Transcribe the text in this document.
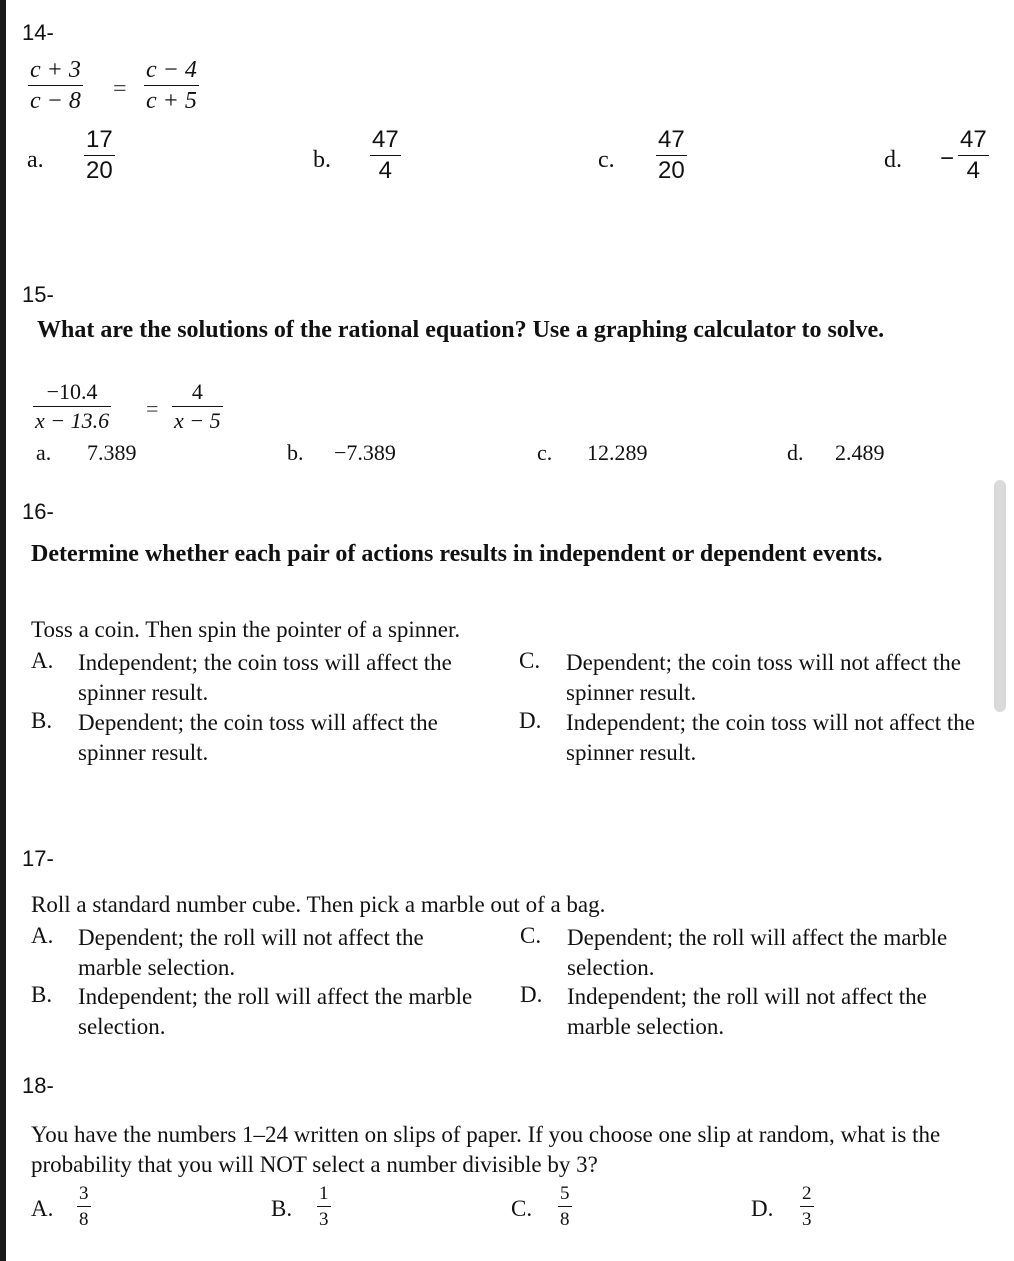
14-
c + 3
c − 8 =
c − 4
c + 5
a.
17
20	b.
47
4	c.
47
20	d. −
47
4
15-
What are the solutions of the rational equation? Use a graphing calculator to solve.
−10.4
x − 13.6 =
4
x − 5
a. 7.389	b. −7.389	c. 12.289	d. 2.489
16-
Determine whether each pair of actions results in independent or dependent events.
Toss a coin. Then spin the pointer of a spinner.
A. Independent; the coin toss will affect the spinner result.
B. Dependent; the coin toss will affect the spinner result.
C. Dependent; the coin toss will not affect the spinner result.
D. Independent; the coin toss will not affect the spinner result.
17-
Roll a standard number cube. Then pick a marble out of a bag.
A. Dependent; the roll will not affect the marble selection.
B. Independent; the roll will affect the marble selection.
C. Dependent; the roll will affect the marble selection.
D. Independent; the roll will not affect the marble selection.
18-
You have the numbers 1–24 written on slips of paper. If you choose one slip at random, what is the probability that you will NOT select a number divisible by 3?
A.
3
8	B.
1
3	C.
5
8	D.
2
3
